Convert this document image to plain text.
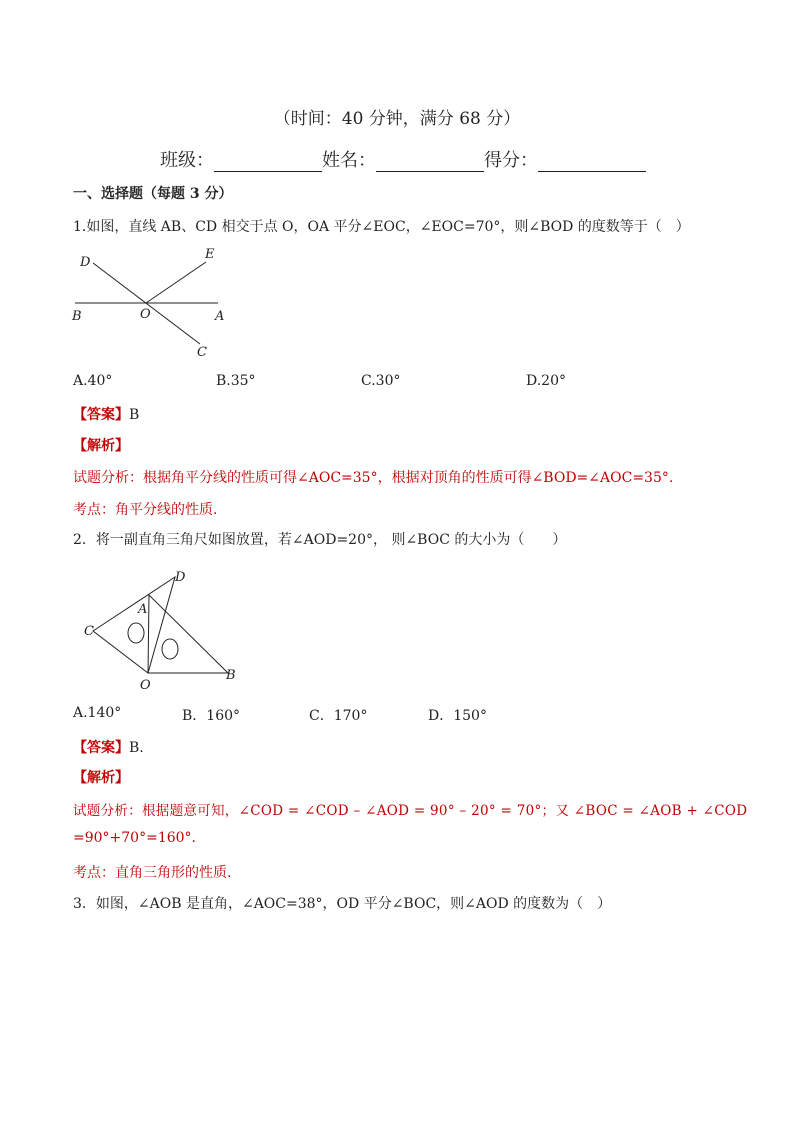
（时间：40 分钟，满分 68 分）
班级：	姓名：	得分：
一、选择题（每题 3 分）
1.如图，直线 AB、CD 相交于点 O，OA 平分∠EOC，∠EOC=70°，则∠BOD 的度数等于（　）
D
E
B	O	A
C
A.40°	B.35°	C.30°	D.20°
【答案】B
【解析】
试题分析：根据角平分线的性质可得∠AOC=35°，根据对顶角的性质可得∠BOD=∠AOC=35°.
考点：角平分线的性质.
2．将一副直角三角尺如图放置，若∠AOD=20°， 则∠BOC 的大小为（　　）
D
A
C
O
B
A.140°	B．160°	C．170°	D．150°
【答案】B.
【解析】
试题分析：根据题意可知，∠COD = ∠COD – ∠AOD = 90° – 20° = 70°；又 ∠BOC = ∠AOB + ∠COD
=90°+70°=160°.
考点：直角三角形的性质.
3．如图，∠AOB 是直角，∠AOC=38°，OD 平分∠BOC，则∠AOD 的度数为（　）
